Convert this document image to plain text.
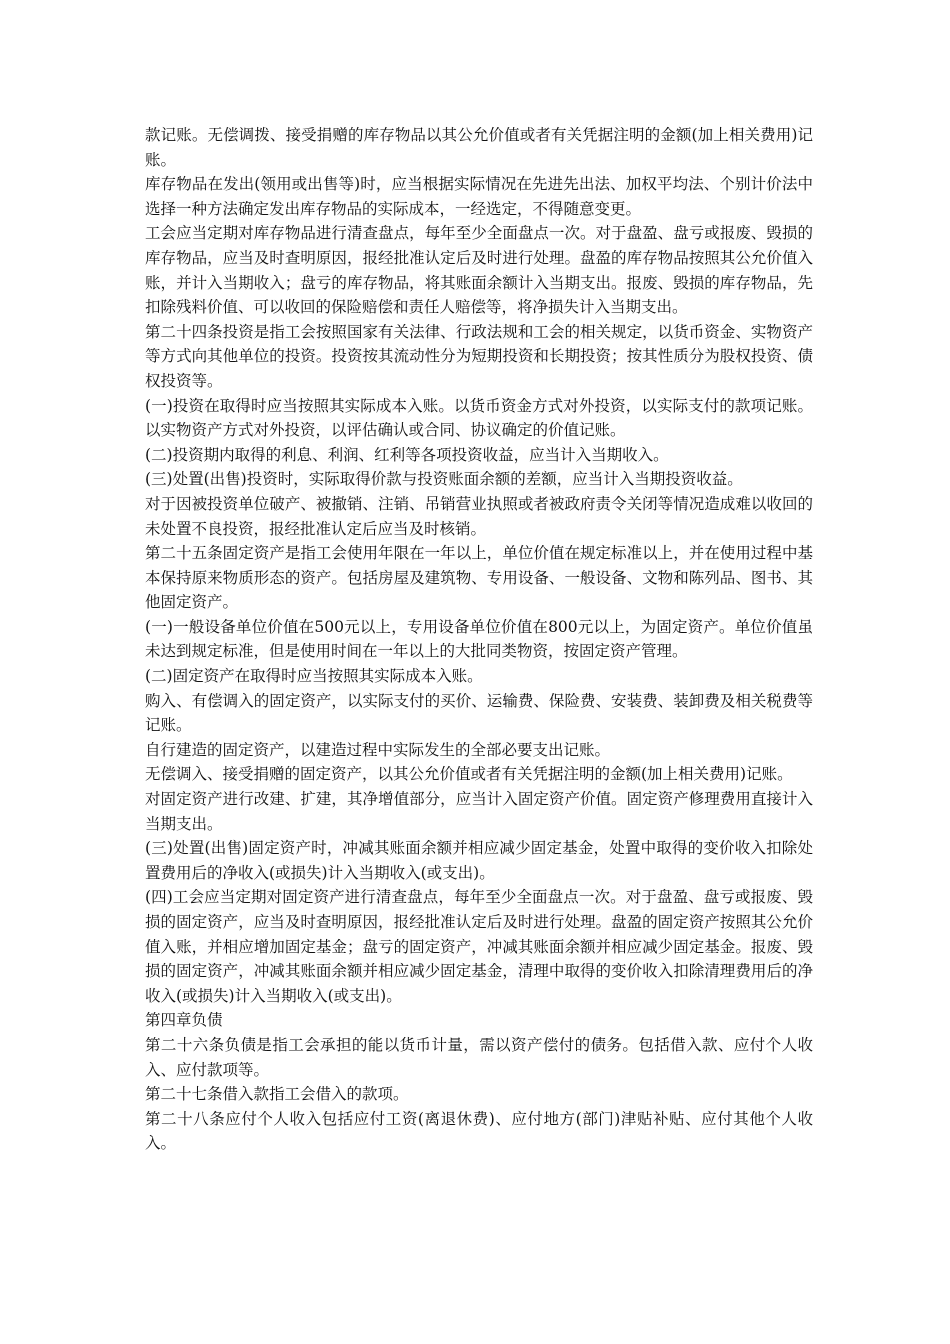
款记账。无偿调拨、接受捐赠的库存物品以其公允价值或者有关凭据注明的金额(加上相关费用)记账。

库存物品在发出(领用或出售等)时，应当根据实际情况在先进先出法、加权平均法、个别计价法中选择一种方法确定发出库存物品的实际成本，一经选定，不得随意变更。

工会应当定期对库存物品进行清查盘点，每年至少全面盘点一次。对于盘盈、盘亏或报废、毁损的库存物品，应当及时查明原因，报经批准认定后及时进行处理。盘盈的库存物品按照其公允价值入账，并计入当期收入；盘亏的库存物品，将其账面余额计入当期支出。报废、毁损的库存物品，先扣除残料价值、可以收回的保险赔偿和责任人赔偿等，将净损失计入当期支出。

第二十四条投资是指工会按照国家有关法律、行政法规和工会的相关规定，以货币资金、实物资产等方式向其他单位的投资。投资按其流动性分为短期投资和长期投资；按其性质分为股权投资、债权投资等。

(一)投资在取得时应当按照其实际成本入账。以货币资金方式对外投资，以实际支付的款项记账。以实物资产方式对外投资，以评估确认或合同、协议确定的价值记账。

(二)投资期内取得的利息、利润、红利等各项投资收益，应当计入当期收入。

(三)处置(出售)投资时，实际取得价款与投资账面余额的差额，应当计入当期投资收益。

对于因被投资单位破产、被撤销、注销、吊销营业执照或者被政府责令关闭等情况造成难以收回的未处置不良投资，报经批准认定后应当及时核销。

第二十五条固定资产是指工会使用年限在一年以上，单位价值在规定标准以上，并在使用过程中基本保持原来物质形态的资产。包括房屋及建筑物、专用设备、一般设备、文物和陈列品、图书、其他固定资产。

(一)一般设备单位价值在500元以上，专用设备单位价值在800元以上，为固定资产。单位价值虽未达到规定标准，但是使用时间在一年以上的大批同类物资，按固定资产管理。

(二)固定资产在取得时应当按照其实际成本入账。

购入、有偿调入的固定资产，以实际支付的买价、运输费、保险费、安装费、装卸费及相关税费等记账。

自行建造的固定资产，以建造过程中实际发生的全部必要支出记账。

无偿调入、接受捐赠的固定资产，以其公允价值或者有关凭据注明的金额(加上相关费用)记账。

对固定资产进行改建、扩建，其净增值部分，应当计入固定资产价值。固定资产修理费用直接计入当期支出。

(三)处置(出售)固定资产时，冲减其账面余额并相应减少固定基金，处置中取得的变价收入扣除处置费用后的净收入(或损失)计入当期收入(或支出)。

(四)工会应当定期对固定资产进行清查盘点，每年至少全面盘点一次。对于盘盈、盘亏或报废、毁损的固定资产，应当及时查明原因，报经批准认定后及时进行处理。盘盈的固定资产按照其公允价值入账，并相应增加固定基金；盘亏的固定资产，冲减其账面余额并相应减少固定基金。报废、毁损的固定资产，冲减其账面余额并相应减少固定基金，清理中取得的变价收入扣除清理费用后的净收入(或损失)计入当期收入(或支出)。

第四章负债

第二十六条负债是指工会承担的能以货币计量，需以资产偿付的债务。包括借入款、应付个人收入、应付款项等。

第二十七条借入款指工会借入的款项。

第二十八条应付个人收入包括应付工资(离退休费)、应付地方(部门)津贴补贴、应付其他个人收入。
